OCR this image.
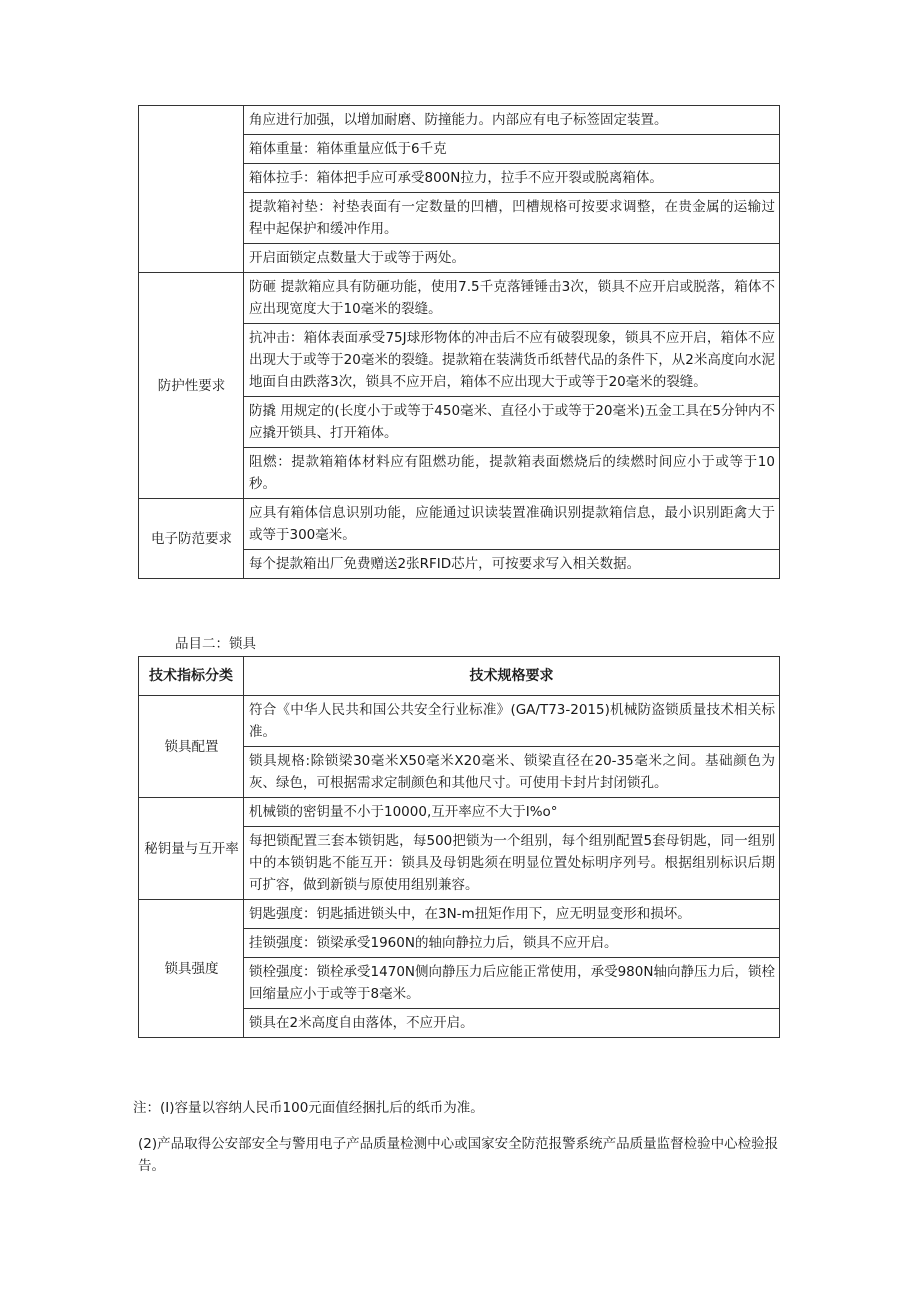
	角应进行加强，以增加耐磨、防撞能力。内部应有电子标签固定装置。
	箱体重量：箱体重量应低于6千克
	箱体拉手：箱体把手应可承受800N拉力，拉手不应开裂或脱离箱体。
	提款箱衬垫：衬垫表面有一定数量的凹槽，凹槽规格可按要求调整，在贵金属的运输过程中起保护和缓冲作用。
	开启面锁定点数量大于或等于两处。
防护性要求	防砸 提款箱应具有防砸功能，使用7.5千克落锤锤击3次，锁具不应开启或脱落，箱体不应出现宽度大于10毫米的裂缝。
	抗冲击：箱体表面承受75J球形物体的冲击后不应有破裂现象，锁具不应开启，箱体不应出现大于或等于20毫米的裂缝。提款箱在装满货币纸替代品的条件下，从2米高度向水泥地面自由跌落3次，锁具不应开启，箱体不应出现大于或等于20毫米的裂缝。
	防撬 用规定的(长度小于或等于450毫米、直径小于或等于20毫米)五金工具在5分钟内不应撬开锁具、打开箱体。
	阻燃：提款箱箱体材料应有阻燃功能，提款箱表面燃烧后的续燃时间应小于或等于10秒。
电子防范要求	应具有箱体信息识别功能，应能通过识读装置准确识别提款箱信息，最小识别距禽大于或等于300毫米。
	每个提款箱出厂免费赠送2张RFID芯片，可按要求写入相关数据。
品目二：锁具
技术指标分类	技术规格要求
锁具配置	符合《中华人民共和国公共安全行业标准》(GA/T73-2015)机械防盗锁质量技术相关标准。
	锁具规格:除锁梁30毫米X50毫米X20毫米、锁梁直径在20-35毫米之间。基础颜色为灰、绿色，可根据需求定制颜色和其他尺寸。可使用卡封片封闭锁孔。
秘钥量与互开率	机械锁的密钥量不小于10000,互开率应不大于I%o°
	每把锁配置三套本锁钥匙，每500把锁为一个组别，每个组别配置5套母钥匙，同一组别中的本锁钥匙不能互开：锁具及母钥匙须在明显位置处标明序列号。根据组别标识后期可扩容，做到新锁与原使用组别兼容。
锁具强度	钥匙强度：钥匙插进锁头中，在3N-m扭矩作用下，应无明显变形和损坏。
	挂锁强度：锁梁承受1960N的轴向静拉力后，锁具不应开启。
	锁栓强度：锁栓承受1470N侧向静压力后应能正常使用，承受980N轴向静压力后，锁栓回缩量应小于或等于8毫米。
	锁具在2米高度自由落体，不应开启。
注：(I)容量以容纳人民币100元面值经捆扎后的纸币为准。
(2)产品取得公安部安全与警用电子产品质量检测中心或国家安全防范报警系统产品质量监督检验中心检验报告。
